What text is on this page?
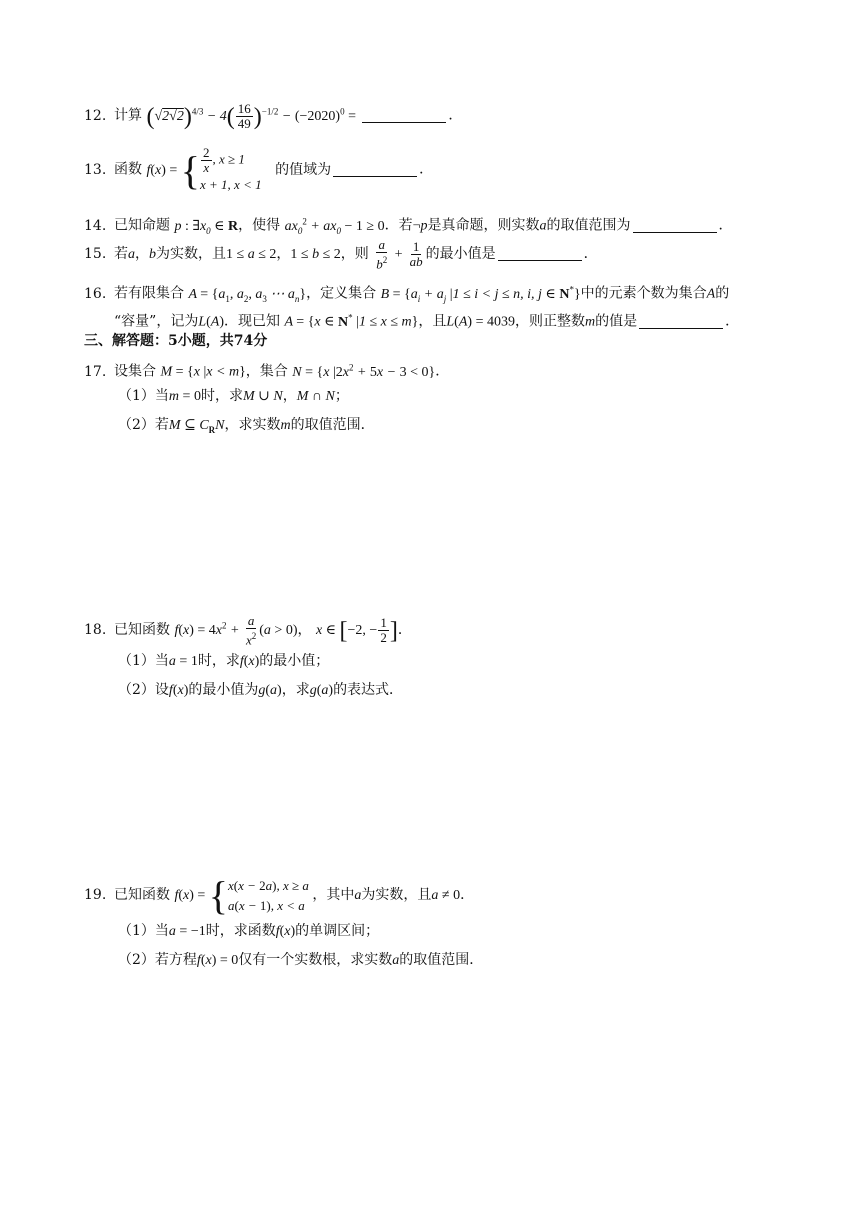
12. 计算 $(√2√2)^{4/3} - 4( \frac{16}{49} )^{-1/2} - (-2020)^0$ =	．
13. 函数 f(x) = { $\frac{2}{x}$ , x ≥ 1
x + 1, x < 1
的值域为	．
14. 已知命题 p : $\exists x_0$ ∈ R，使得 $ax_0^2 + ax_0 - 1 \ge 0$．若¬p是真命题，则实数a的取值范围为	．
15. 若a，b为实数，且1 ≤ a ≤ 2，1 ≤ b ≤ 2，则 $\frac{a}{b^2} + \frac{1}{ab}$ 的最小值是	．
16. 若有限集合 $A = \{a_1$, $a_2$, $a_3$ ⋯ $a_n$}，定义集合 $B = \{a_i + a_j$ |1 ≤ i < j ≤ n, i, j ∈ N*}中的元素个数为集合A的
“容量”，记为L(A)．现已知 A = {x ∈ N* |1 ≤ x ≤ m}，且L(A) = 4039，则正整数m的值是	．
三、解答题：5小题，共74分
17. 设集合 M = {x |x < m}，集合 N = {x $|2x^2 + 5x - 3 < 0$}．
（1）当m = 0时，求M ∪ N，M ∩ N；
（2）若M ⊆ $C_RN$，求实数m的取值范围．
18. 已知函数 $f(x) = 4x^2 + \frac{a}{x^2} (a > 0)$， x ∈ [−2, − $\frac{1}{2}$ ]．
（1）当a = 1时，求f(x)的最小值；
（2）设f(x)的最小值为g(a)，求g(a)的表达式．
19. 已知函数 f(x) = { x(x − 2a), x ≥ a
a(x − 1), x < a
，其中a为实数，且a ≠ 0．
（1）当a = −1时，求函数f(x)的单调区间；
（2）若方程f(x) = 0仅有一个实数根，求实数a的取值范围．
